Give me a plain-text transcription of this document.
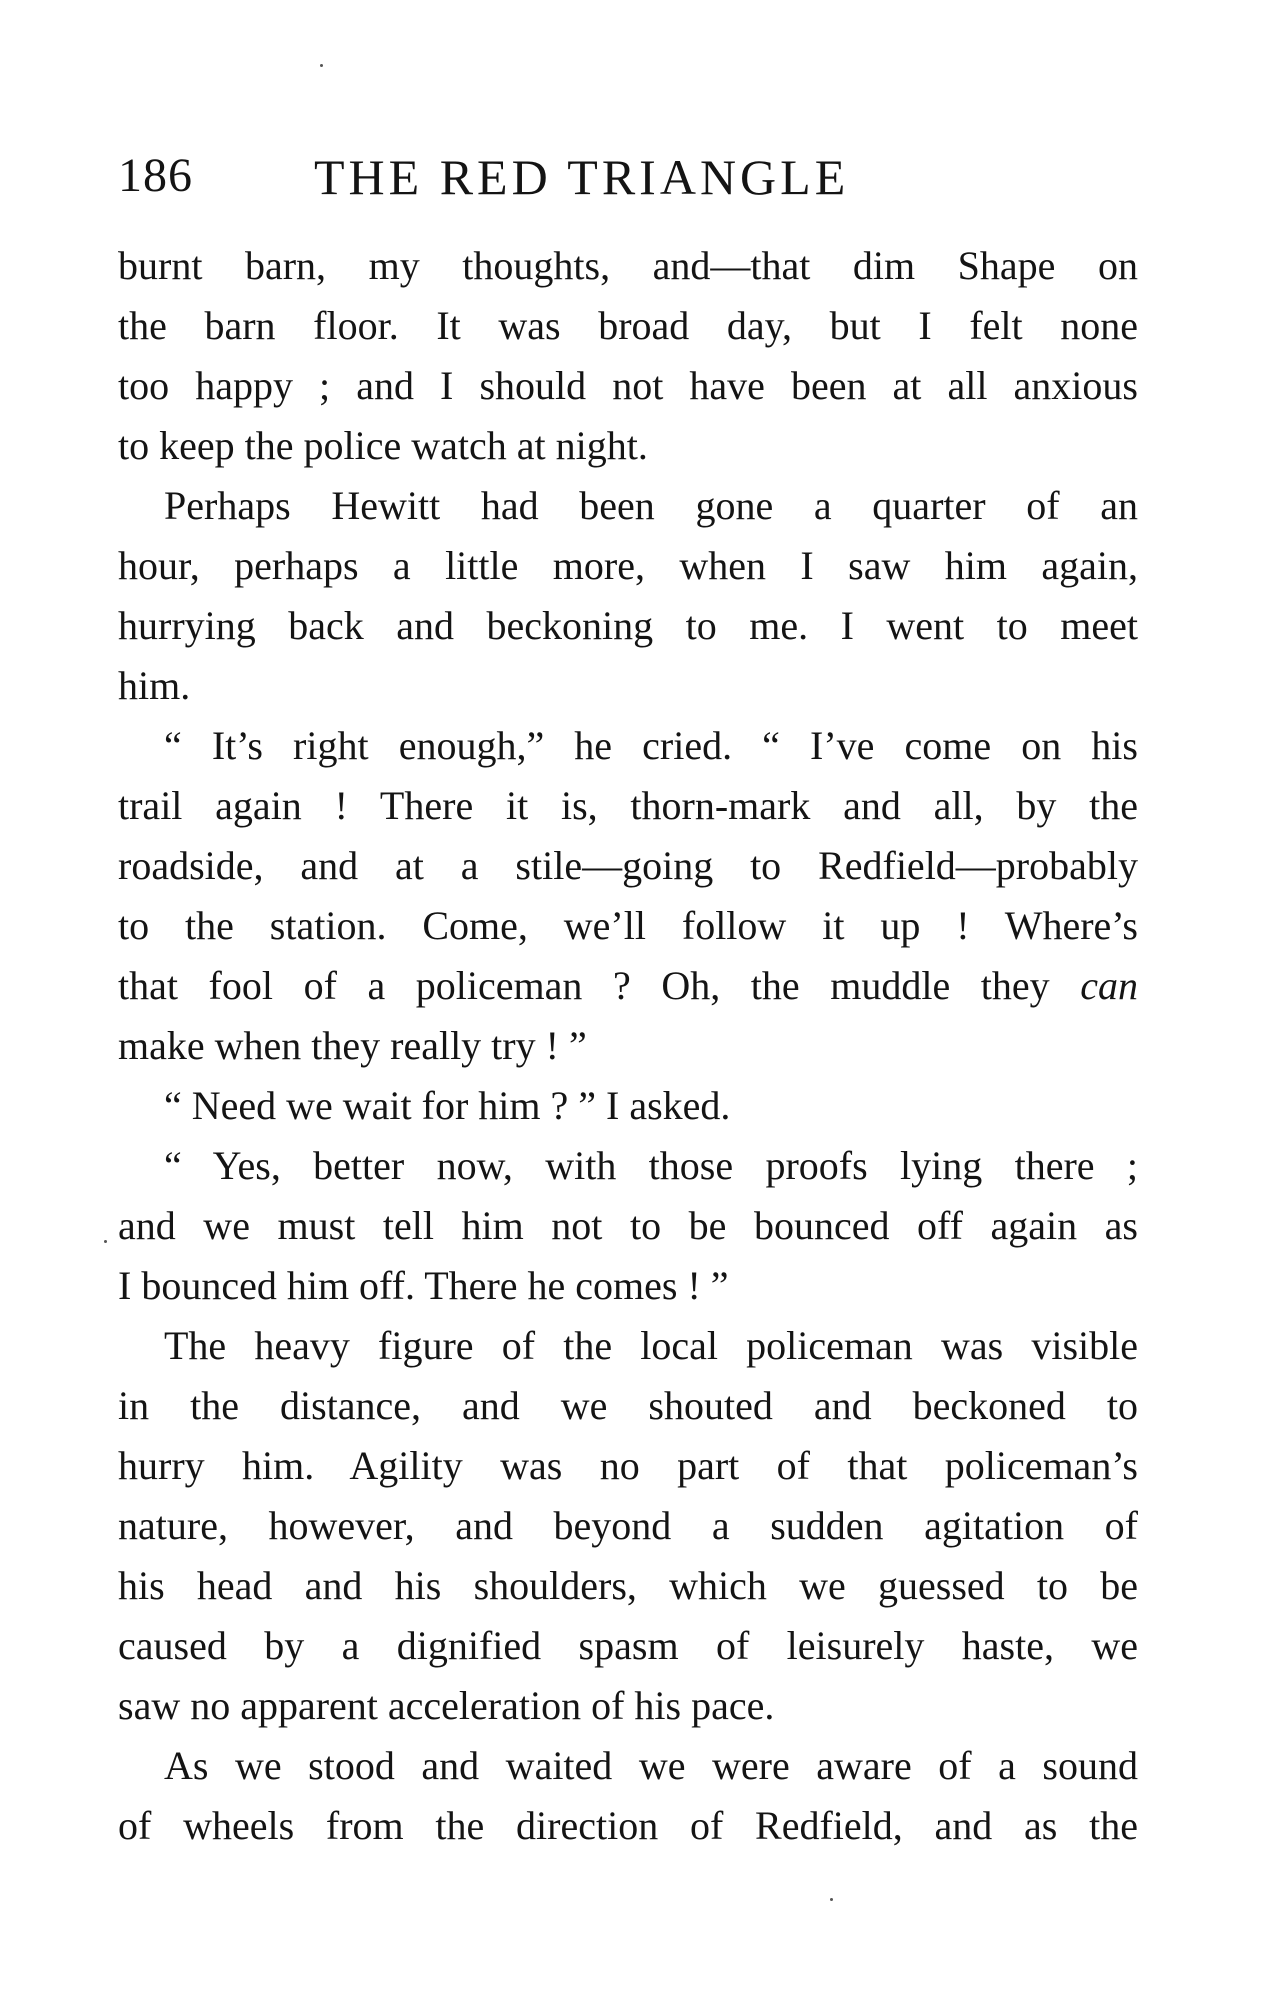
186 THE RED TRIANGLE
burnt barn, my thoughts, and—that dim Shape on
the barn floor. It was broad day, but I felt none
too happy ; and I should not have been at all anxious
to keep the police watch at night.
Perhaps Hewitt had been gone a quarter of an
hour, perhaps a little more, when I saw him again,
hurrying back and beckoning to me. I went to meet
him.
“ It’s right enough,” he cried. “ I’ve come on his
trail again ! There it is, thorn-mark and all, by the
roadside, and at a stile—going to Redfield—probably
to the station. Come, we’ll follow it up ! Where’s
that fool of a policeman ? Oh, the muddle they can
make when they really try ! ”
“ Need we wait for him ? ” I asked.
“ Yes, better now, with those proofs lying there ;
and we must tell him not to be bounced off again as
I bounced him off. There he comes ! ”
The heavy figure of the local policeman was visible
in the distance, and we shouted and beckoned to
hurry him. Agility was no part of that policeman’s
nature, however, and beyond a sudden agitation of
his head and his shoulders, which we guessed to be
caused by a dignified spasm of leisurely haste, we
saw no apparent acceleration of his pace.
As we stood and waited we were aware of a sound
of wheels from the direction of Redfield, and as the
